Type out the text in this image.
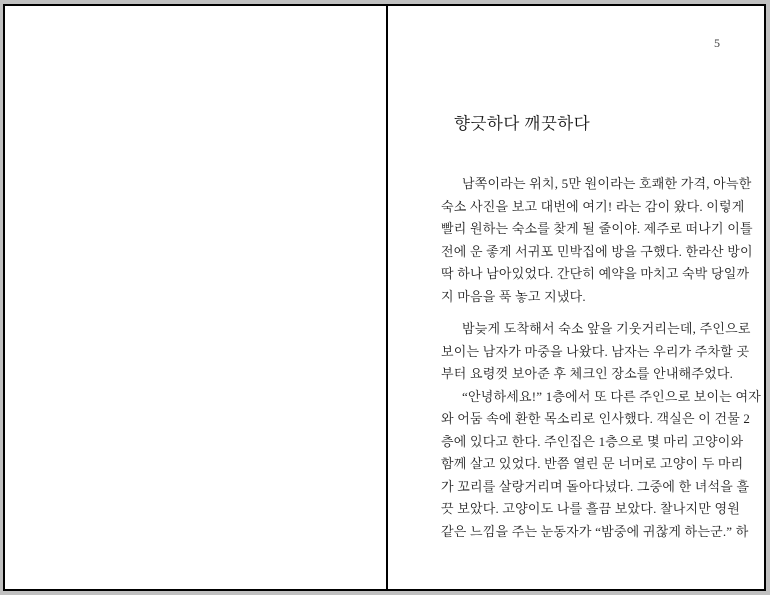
5
향긋하다 깨끗하다
남쪽이라는 위치, 5만 원이라는 호쾌한 가격, 아늑한
숙소 사진을 보고 대번에 여기! 라는 감이 왔다. 이렇게
빨리 원하는 숙소를 찾게 될 줄이야. 제주로 떠나기 이틀
전에 운 좋게 서귀포 민박집에 방을 구했다. 한라산 방이
딱 하나 남아있었다. 간단히 예약을 마치고 숙박 당일까
지 마음을 푹 놓고 지냈다.
밤늦게 도착해서 숙소 앞을 기웃거리는데, 주인으로
보이는 남자가 마중을 나왔다. 남자는 우리가 주차할 곳
부터 요령껏 보아준 후 체크인 장소를 안내해주었다.
“안녕하세요!” 1층에서 또 다른 주인으로 보이는 여자
와 어둠 속에 환한 목소리로 인사했다. 객실은 이 건물 2
층에 있다고 한다. 주인집은 1층으로 몇 마리 고양이와
함께 살고 있었다. 반쯤 열린 문 너머로 고양이 두 마리
가 꼬리를 살랑거리며 돌아다녔다. 그중에 한 녀석을 흘
끗 보았다. 고양이도 나를 흘끔 보았다. 찰나지만 영원
같은 느낌을 주는 눈동자가 “밤중에 귀찮게 하는군.” 하
